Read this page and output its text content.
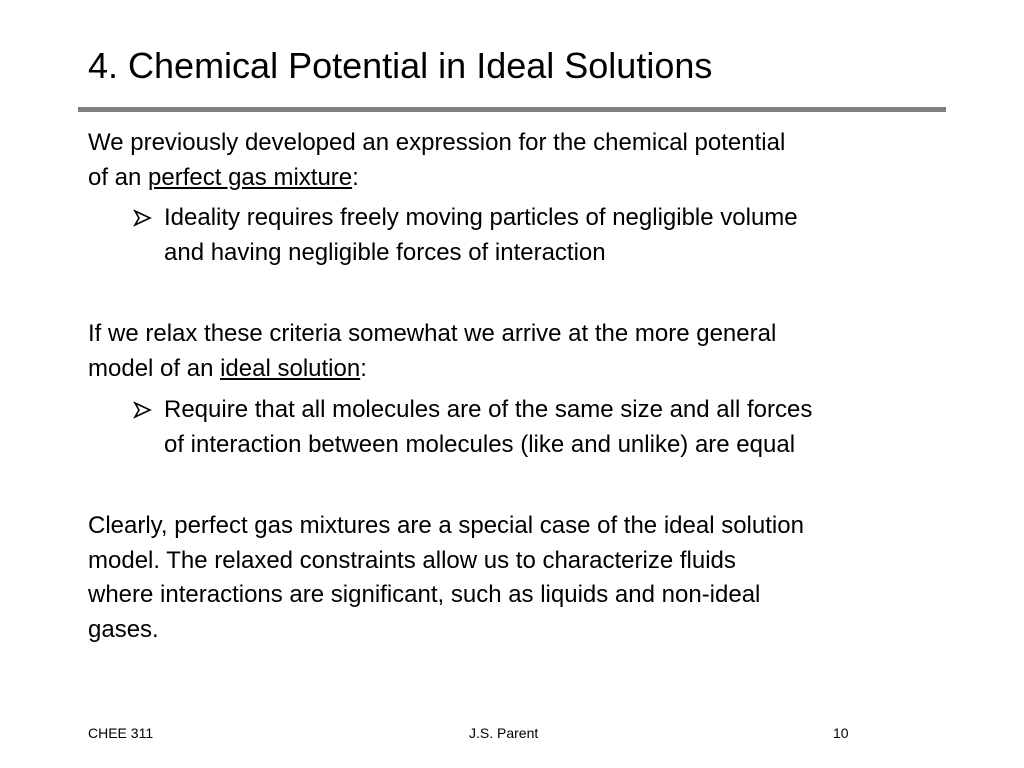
4. Chemical Potential in Ideal Solutions
We previously developed an expression for the chemical potential
of an perfect gas mixture:
Ideality requires freely moving particles of negligible volume
and having negligible forces of interaction
If we relax these criteria somewhat we arrive at the more general
model of an ideal solution:
Require that all molecules are of the same size and all forces
of interaction between molecules (like and unlike) are equal
Clearly, perfect gas mixtures are a special case of the ideal solution
model. The relaxed constraints allow us to characterize fluids
where interactions are significant, such as liquids and non-ideal
gases.
CHEE 311	J.S. Parent	10
